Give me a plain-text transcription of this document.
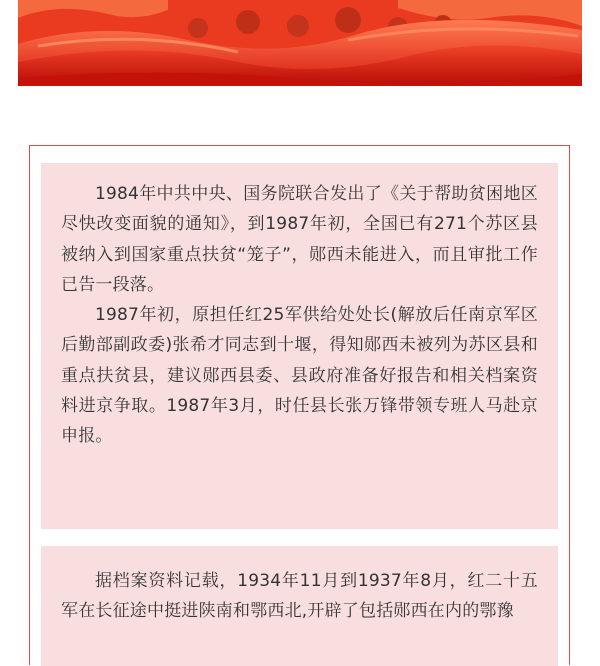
1984年中共中央、国务院联合发出了《关于帮助贫困地区尽快改变面貌的通知》，到1987年初，全国已有271个苏区县被纳入到国家重点扶贫“笼子”，郧西未能进入，而且审批工作已告一段落。

1987年初，原担任红25军供给处处长(解放后任南京军区后勤部副政委)张希才同志到十堰，得知郧西未被列为苏区县和重点扶贫县，建议郧西县委、县政府准备好报告和相关档案资料进京争取。1987年3月，时任县长张万锋带领专班人马赴京申报。

据档案资料记载，1934年11月到1937年8月，红二十五军在长征途中挺进陕南和鄂西北,开辟了包括郧西在内的鄂豫
